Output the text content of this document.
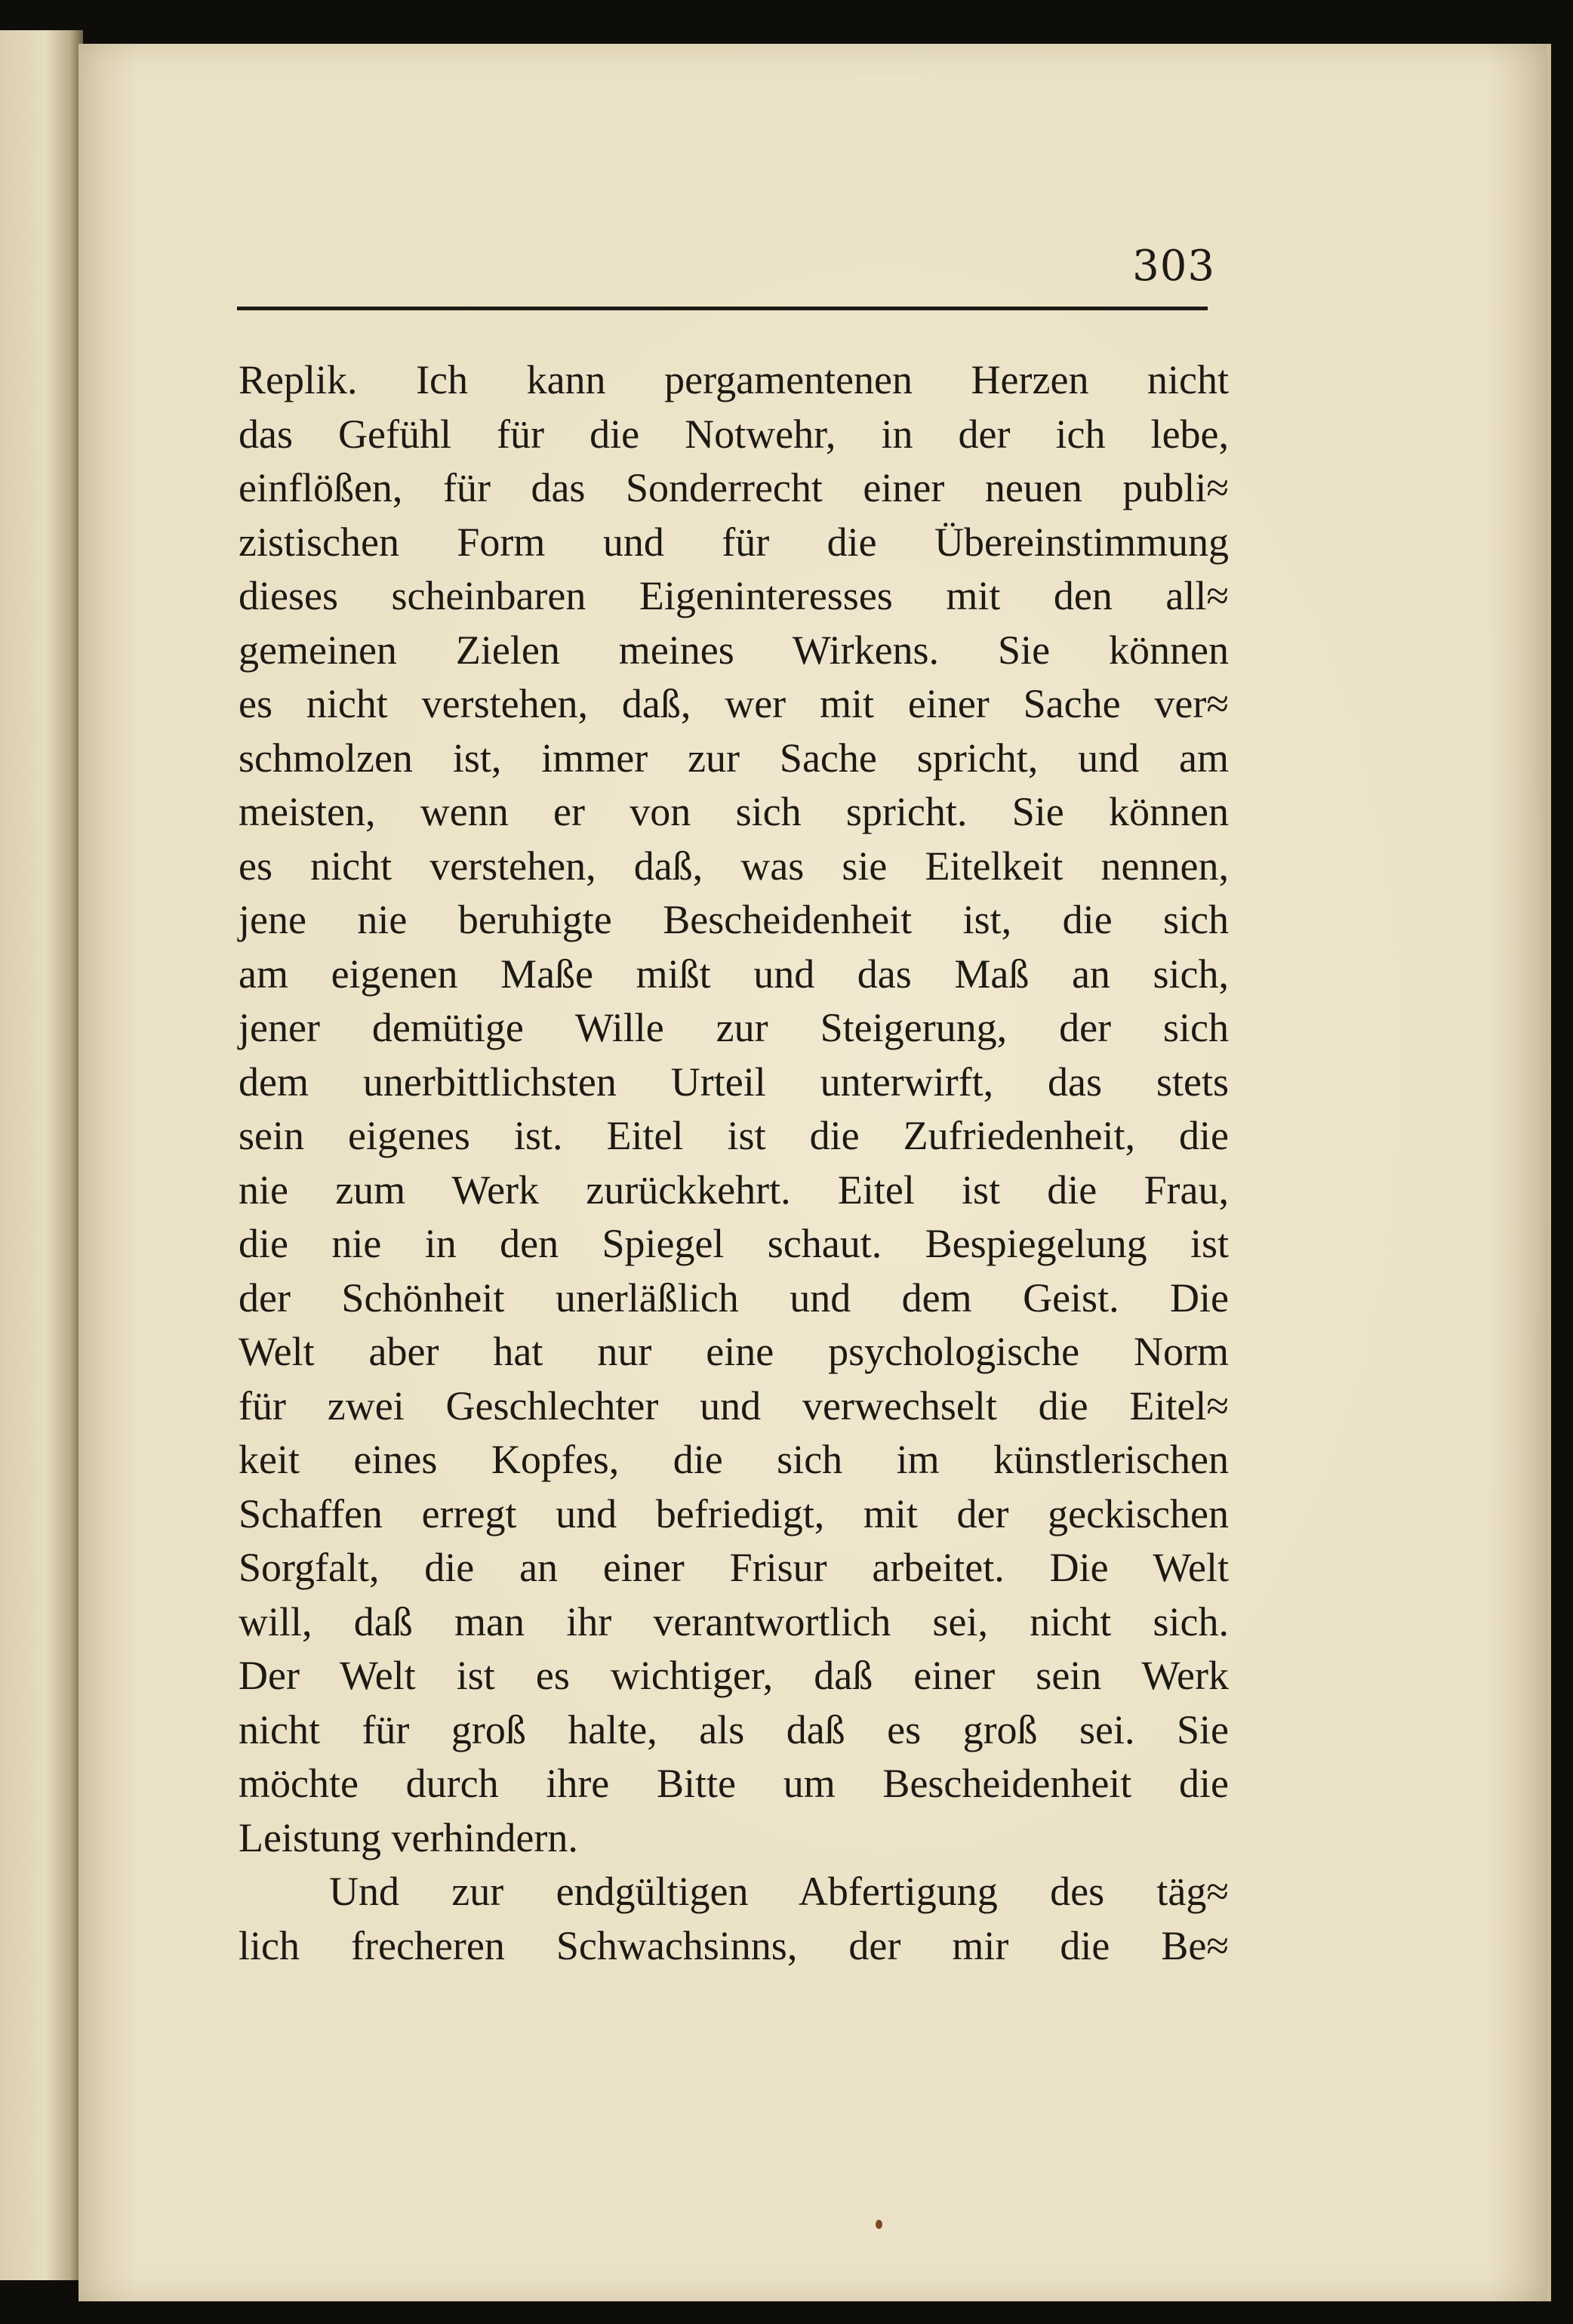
303
Replik. Ich kann pergamentenen Herzen nicht
das Gefühl für die Notwehr, in der ich lebe,
einflößen, für das Sonderrecht einer neuen publi≈
zistischen Form und für die Übereinstimmung
dieses scheinbaren Eigeninteresses mit den all≈
gemeinen Zielen meines Wirkens. Sie können
es nicht verstehen, daß, wer mit einer Sache ver≈
schmolzen ist, immer zur Sache spricht, und am
meisten, wenn er von sich spricht. Sie können
es nicht verstehen, daß, was sie Eitelkeit nennen,
jene nie beruhigte Bescheidenheit ist, die sich
am eigenen Maße mißt und das Maß an sich,
jener demütige Wille zur Steigerung, der sich
dem unerbittlichsten Urteil unterwirft, das stets
sein eigenes ist. Eitel ist die Zufriedenheit, die
nie zum Werk zurückkehrt. Eitel ist die Frau,
die nie in den Spiegel schaut. Bespiegelung ist
der Schönheit unerläßlich und dem Geist. Die
Welt aber hat nur eine psychologische Norm
für zwei Geschlechter und verwechselt die Eitel≈
keit eines Kopfes, die sich im künstlerischen
Schaffen erregt und befriedigt, mit der geckischen
Sorgfalt, die an einer Frisur arbeitet. Die Welt
will, daß man ihr verantwortlich sei, nicht sich.
Der Welt ist es wichtiger, daß einer sein Werk
nicht für groß halte, als daß es groß sei. Sie
möchte durch ihre Bitte um Bescheidenheit die
Leistung verhindern.
Und zur endgültigen Abfertigung des täg≈
lich frecheren Schwachsinns, der mir die Be≈
